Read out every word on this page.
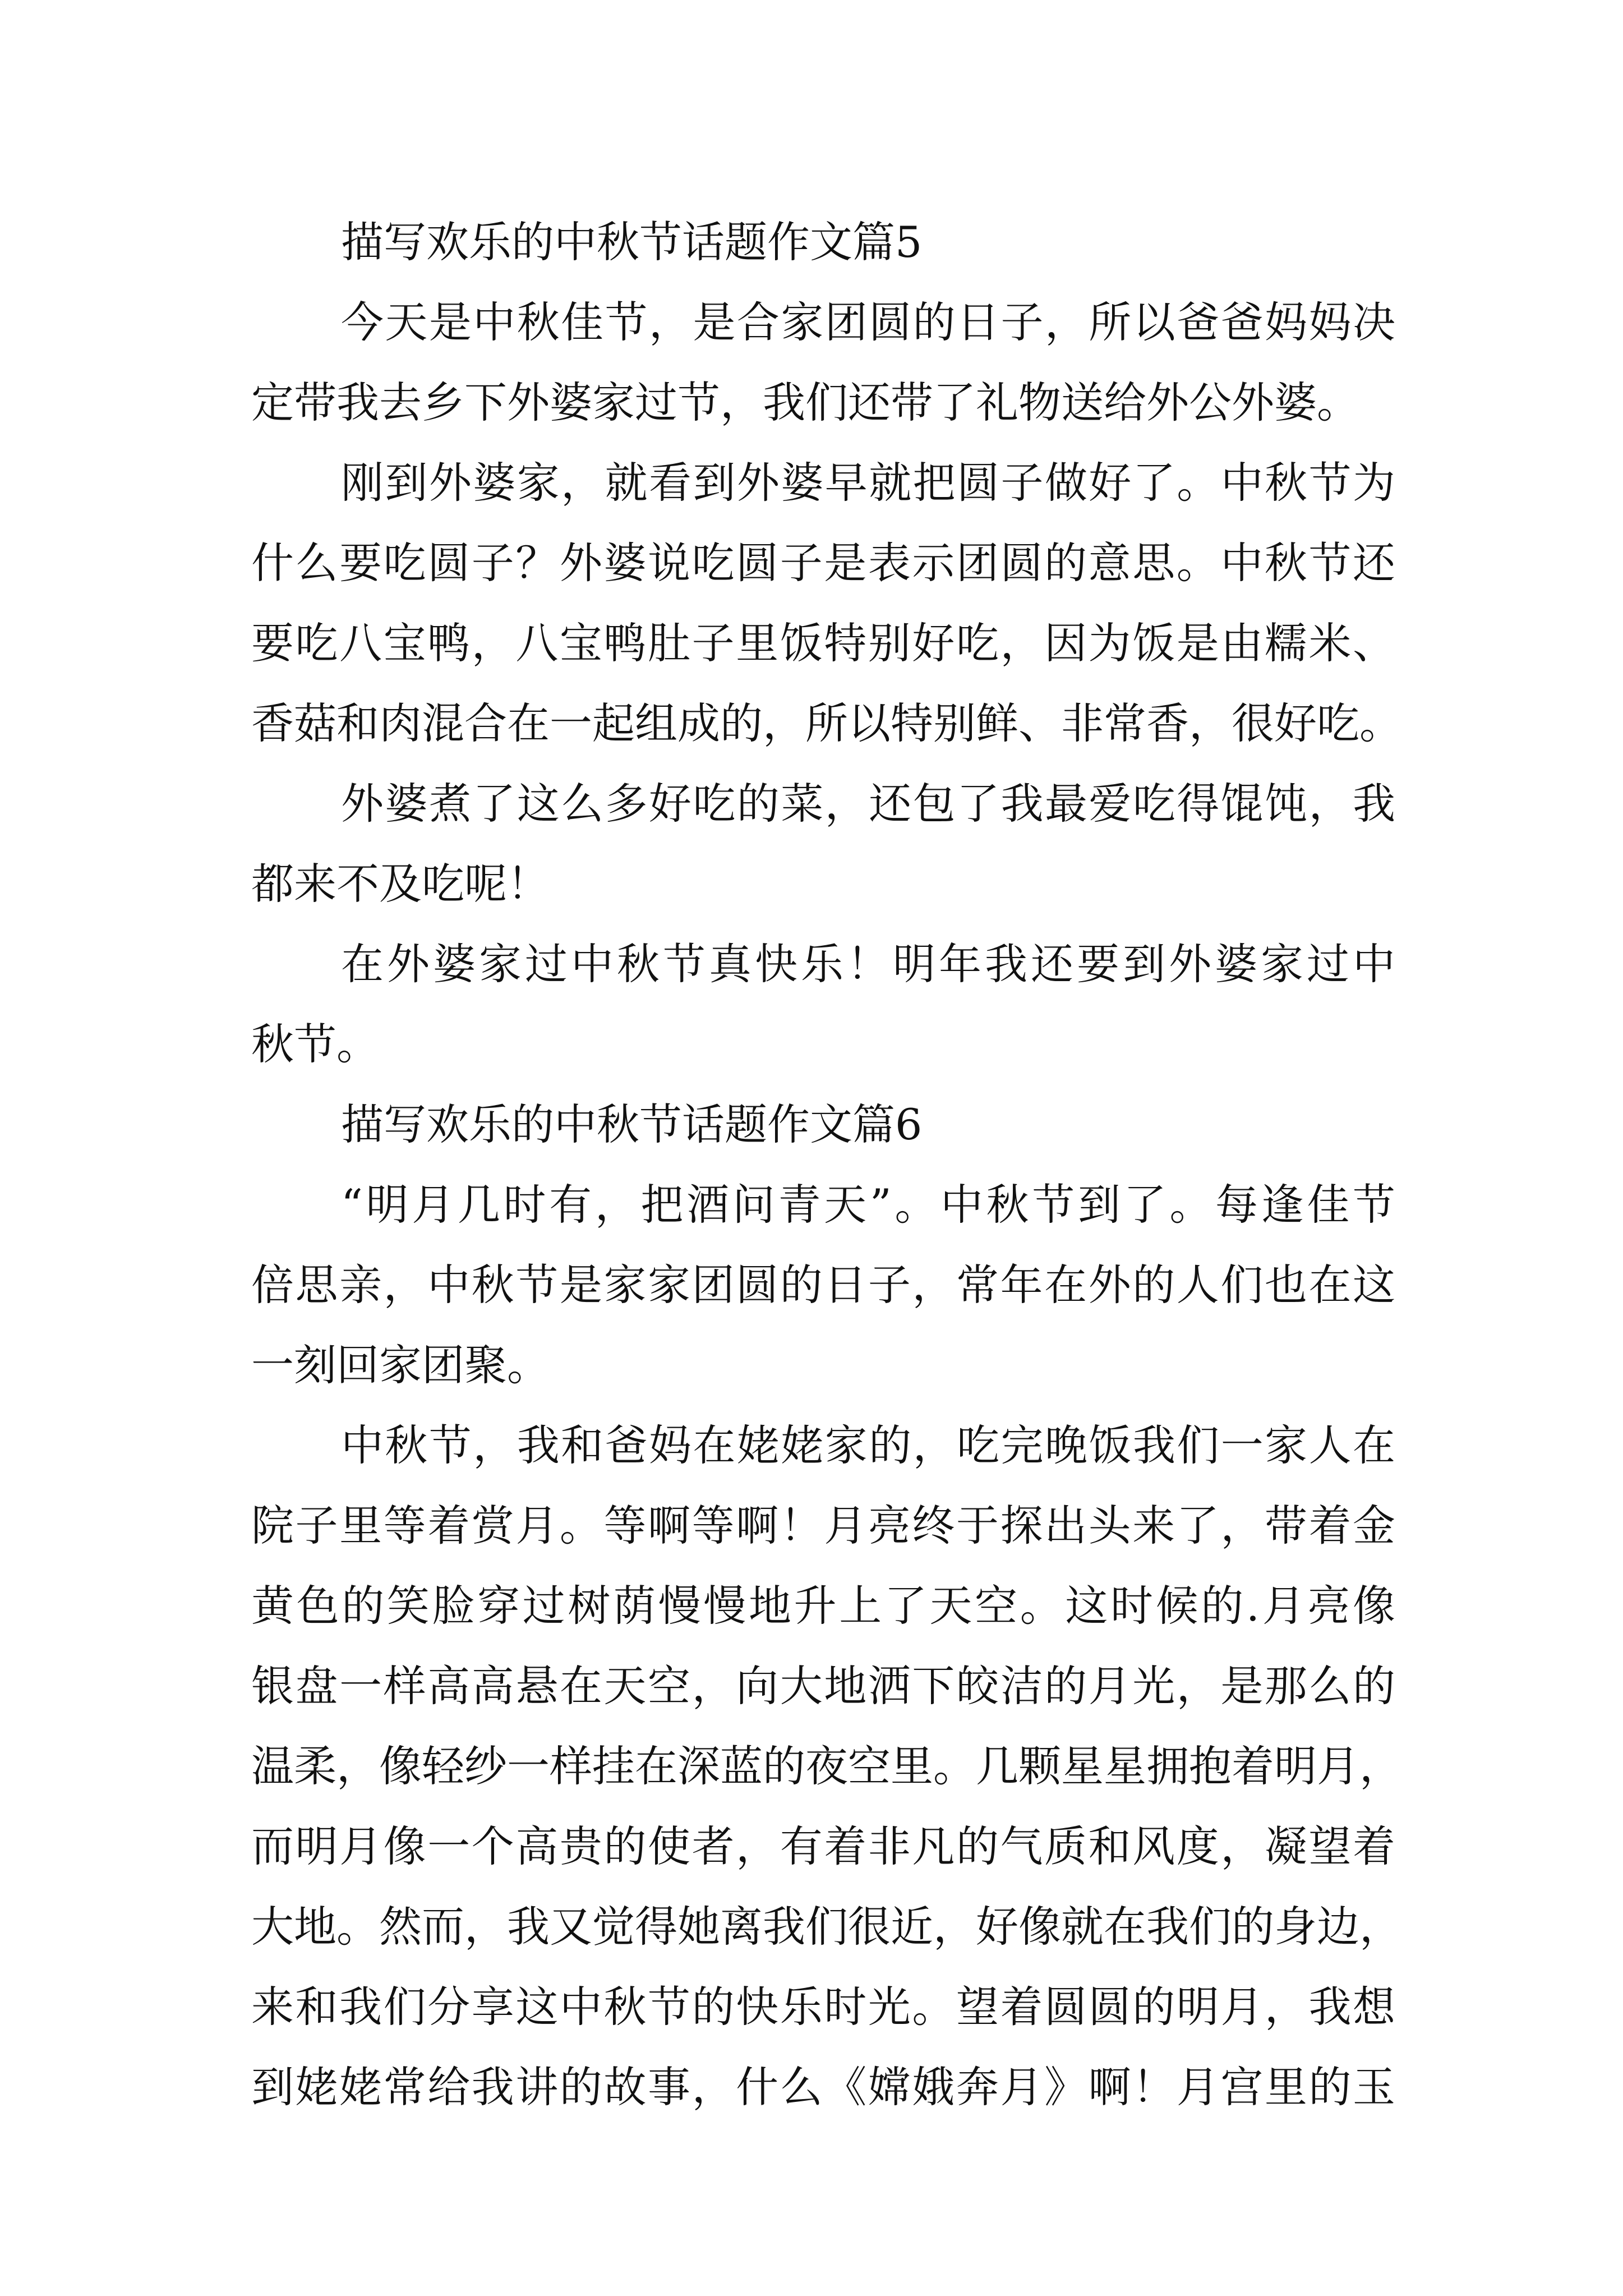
描写欢乐的中秋节话题作文篇5
今天是中秋佳节，是合家团圆的日子，所以爸爸妈妈决
定带我去乡下外婆家过节，我们还带了礼物送给外公外婆。
刚到外婆家，就看到外婆早就把圆子做好了。中秋节为
什么要吃圆子？外婆说吃圆子是表示团圆的意思。中秋节还
要吃八宝鸭，八宝鸭肚子里饭特别好吃，因为饭是由糯米、
香菇和肉混合在一起组成的，所以特别鲜、非常香，很好吃。
外婆煮了这么多好吃的菜，还包了我最爱吃得馄饨，我
都来不及吃呢！
在外婆家过中秋节真快乐！明年我还要到外婆家过中
秋节。
描写欢乐的中秋节话题作文篇6
“明月几时有，把酒问青天”。中秋节到了。每逢佳节
倍思亲，中秋节是家家团圆的日子，常年在外的人们也在这
一刻回家团聚。
中秋节，我和爸妈在姥姥家的，吃完晚饭我们一家人在
院子里等着赏月。等啊等啊！月亮终于探出头来了，带着金
黄色的笑脸穿过树荫慢慢地升上了天空。这时候的.月亮像
银盘一样高高悬在天空，向大地洒下皎洁的月光，是那么的
温柔，像轻纱一样挂在深蓝的夜空里。几颗星星拥抱着明月，
而明月像一个高贵的使者，有着非凡的气质和风度，凝望着
大地。然而，我又觉得她离我们很近，好像就在我们的身边，
来和我们分享这中秋节的快乐时光。望着圆圆的明月，我想
到姥姥常给我讲的故事，什么《嫦娥奔月》啊！月宫里的玉
